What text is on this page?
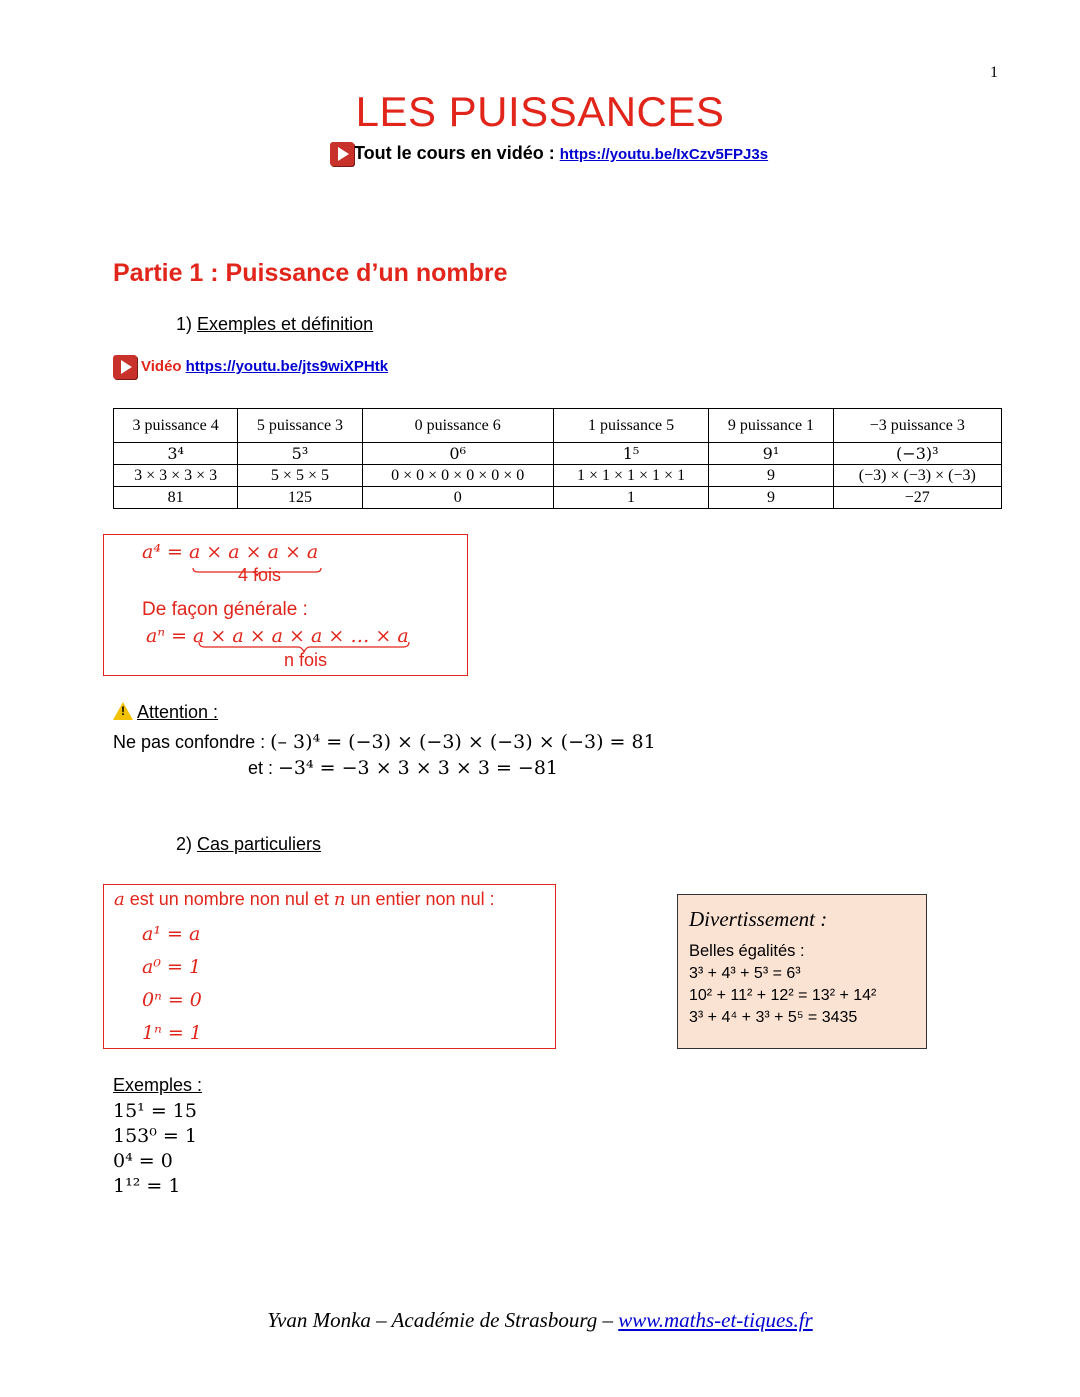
1
LES PUISSANCES
Tout le cours en vidéo : https://youtu.be/IxCzv5FPJ3s
Partie 1 : Puissance d’un nombre
1) Exemples et définition
Vidéo https://youtu.be/jts9wiXPHtk
3 puissance 4	5 puissance 3	0 puissance 6	1 puissance 5	9 puissance 1	−3 puissance 3
3⁴	5³	0⁶	1⁵	9¹	(−3)³
3 × 3 × 3 × 3	5 × 5 × 5	0 × 0 × 0 × 0 × 0 × 0	1 × 1 × 1 × 1 × 1	9	(−3) × (−3) × (−3)
81	125	0	1	9	−27
a⁴ = a × a × a × a
4 fois
De façon générale :
aⁿ = a × a × a × a × … × a
n fois
!Attention :
Ne pas confondre : (– 3)⁴ = (−3) × (−3) × (−3) × (−3) = 81
et : −3⁴ = −3 × 3 × 3 × 3 = −81
2) Cas particuliers
a est un nombre non nul et n un entier non nul :
a¹ = a
a⁰ = 1
0ⁿ = 0
1ⁿ = 1
Divertissement :
Belles égalités :
3³ + 4³ + 5³ = 6³
10² + 11² + 12² = 13² + 14²
3³ + 4⁴ + 3³ + 5⁵ = 3435
Exemples :
15¹ = 15
153⁰ = 1
0⁴ = 0
1¹² = 1
Yvan Monka – Académie de Strasbourg – www.maths-et-tiques.fr
